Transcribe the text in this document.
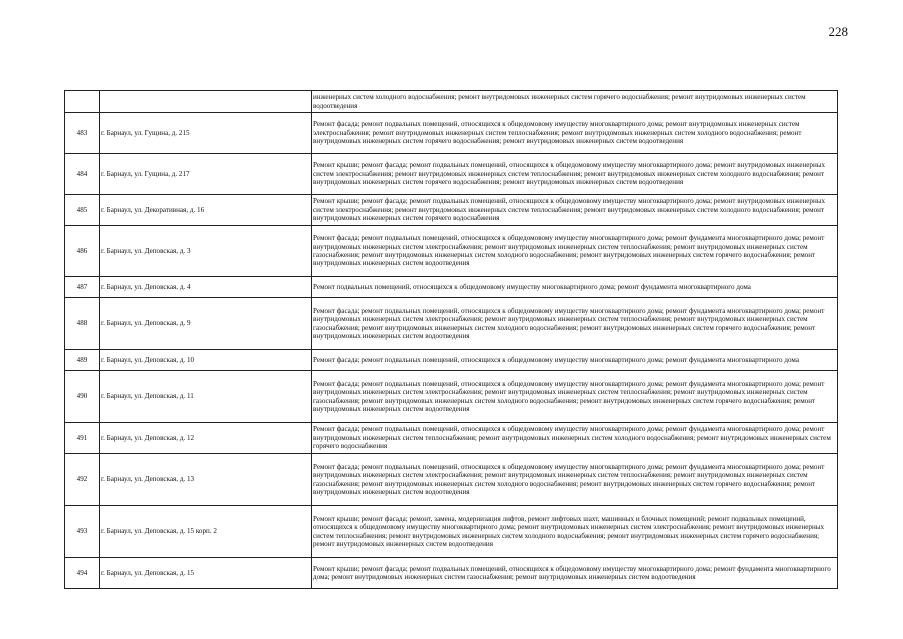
228
		инженерных систем холодного водоснабжения; ремонт внутридомовых инженерных систем горячего водоснабжения; ремонт внутридомовых инженерных систем водоотведения
483	г. Барнаул, ул. Гущина, д. 215	Ремонт фасада; ремонт подвальных помещений, относящихся к общедомовому имуществу многоквартирного дома; ремонт внутридомовых инженерных систем электроснабжения; ремонт внутридомовых инженерных систем теплоснабжения; ремонт внутридомовых инженерных систем холодного водоснабжения; ремонт внутридомовых инженерных систем горячего водоснабжения; ремонт внутридомовых инженерных систем водоотведения
484	г. Барнаул, ул. Гущина, д. 217	Ремонт крыши; ремонт фасада; ремонт подвальных помещений, относящихся к общедомовому имуществу многоквартирного дома; ремонт внутридомовых инженерных систем электроснабжения; ремонт внутридомовых инженерных систем теплоснабжения; ремонт внутридомовых инженерных систем холодного водоснабжения; ремонт внутридомовых инженерных систем горячего водоснабжения; ремонт внутридомовых инженерных систем водоотведения
485	г. Барнаул, ул. Декоративная, д. 16	Ремонт крыши; ремонт фасада; ремонт подвальных помещений, относящихся к общедомовому имуществу многоквартирного дома; ремонт внутридомовых инженерных систем электроснабжения; ремонт внутридомовых инженерных систем теплоснабжения; ремонт внутридомовых инженерных систем холодного водоснабжения; ремонт внутридомовых инженерных систем горячего водоснабжения
486	г. Барнаул, ул. Деповская, д. 3	Ремонт фасада; ремонт подвальных помещений, относящихся к общедомовому имуществу многоквартирного дома; ремонт фундамента многоквартирного дома; ремонт внутридомовых инженерных систем электроснабжения; ремонт внутридомовых инженерных систем теплоснабжения; ремонт внутридомовых инженерных систем газоснабжения; ремонт внутридомовых инженерных систем холодного водоснабжения; ремонт внутридомовых инженерных систем горячего водоснабжения; ремонт внутридомовых инженерных систем водоотведения
487	г. Барнаул, ул. Деповская, д. 4	Ремонт подвальных помещений, относящихся к общедомовому имуществу многоквартирного дома; ремонт фундамента многоквартирного дома
488	г. Барнаул, ул. Деповская, д. 9	Ремонт фасада; ремонт подвальных помещений, относящихся к общедомовому имуществу многоквартирного дома; ремонт фундамента многоквартирного дома; ремонт внутридомовых инженерных систем электроснабжения; ремонт внутридомовых инженерных систем теплоснабжения; ремонт внутридомовых инженерных систем газоснабжения; ремонт внутридомовых инженерных систем холодного водоснабжения; ремонт внутридомовых инженерных систем горячего водоснабжения; ремонт внутридомовых инженерных систем водоотведения
489	г. Барнаул, ул. Деповская, д. 10	Ремонт фасада; ремонт подвальных помещений, относящихся к общедомовому имуществу многоквартирного дома; ремонт фундамента многоквартирного дома
490	г. Барнаул, ул. Деповская, д. 11	Ремонт фасада; ремонт подвальных помещений, относящихся к общедомовому имуществу многоквартирного дома; ремонт фундамента многоквартирного дома; ремонт внутридомовых инженерных систем электроснабжения; ремонт внутридомовых инженерных систем теплоснабжения; ремонт внутридомовых инженерных систем газоснабжения; ремонт внутридомовых инженерных систем холодного водоснабжения; ремонт внутридомовых инженерных систем горячего водоснабжения; ремонт внутридомовых инженерных систем водоотведения
491	г. Барнаул, ул. Деповская, д. 12	Ремонт фасада; ремонт подвальных помещений, относящихся к общедомовому имуществу многоквартирного дома; ремонт фундамента многоквартирного дома; ремонт внутридомовых инженерных систем теплоснабжения; ремонт внутридомовых инженерных систем холодного водоснабжения; ремонт внутридомовых инженерных систем горячего водоснабжения
492	г. Барнаул, ул. Деповская, д. 13	Ремонт фасада; ремонт подвальных помещений, относящихся к общедомовому имуществу многоквартирного дома; ремонт фундамента многоквартирного дома; ремонт внутридомовых инженерных систем электроснабжения; ремонт внутридомовых инженерных систем теплоснабжения; ремонт внутридомовых инженерных систем газоснабжения; ремонт внутридомовых инженерных систем холодного водоснабжения; ремонт внутридомовых инженерных систем горячего водоснабжения; ремонт внутридомовых инженерных систем водоотведения
493	г. Барнаул, ул. Деповская, д. 15 корп. 2	Ремонт крыши; ремонт фасада; ремонт, замена, модернизация лифтов, ремонт лифтовых шахт, машинных и блочных помещений; ремонт подвальных помещений, относящихся к общедомовому имуществу многоквартирного дома; ремонт внутридомовых инженерных систем электроснабжения; ремонт внутридомовых инженерных систем теплоснабжения; ремонт внутридомовых инженерных систем холодного водоснабжения; ремонт внутридомовых инженерных систем горячего водоснабжения; ремонт внутридомовых инженерных систем водоотведения
494	г. Барнаул, ул. Деповская, д. 15	Ремонт крыши; ремонт фасада; ремонт подвальных помещений, относящихся к общедомовому имуществу многоквартирного дома; ремонт фундамента многоквартирного дома; ремонт внутридомовых инженерных систем газоснабжения; ремонт внутридомовых инженерных систем водоотведения
